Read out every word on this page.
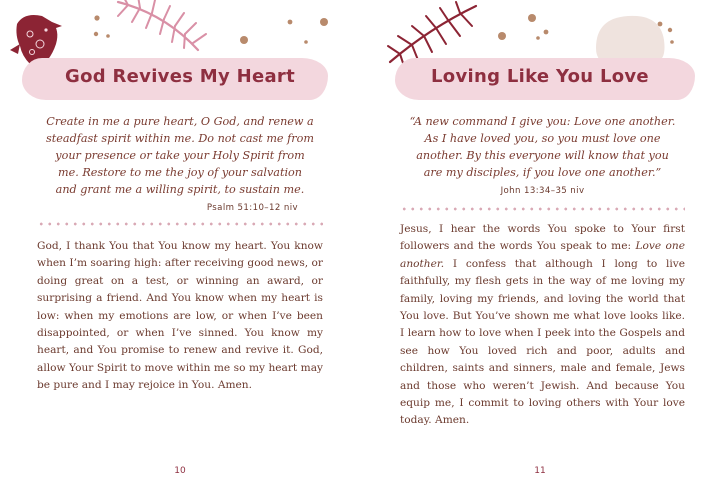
God Revives My Heart

Create in me a pure heart, O God, and renew a
steadfast spirit within me. Do not cast me from
your presence or take your Holy Spirit from
me. Restore to me the joy of your salvation
and grant me a willing spirit, to sustain me.
Psalm 51:10–12 niv

God, I thank You that You know my heart. You know when I’m soaring high: after receiving good news, or doing great on a test, or winning an award, or surprising a friend. And You know when my heart is low: when my emotions are low, or when I’ve been disappointed, or when I’ve sinned. You know my heart, and You promise to renew and revive it. God, allow Your Spirit to move within me so my heart may be pure and I may rejoice in You. Amen.

10
Loving Like You Love

“A new command I give you: Love one another.
As I have loved you, so you must love one
another. By this everyone will know that you
are my disciples, if you love one another.”
John 13:34–35 niv

Jesus, I hear the words You spoke to Your first followers and the words You speak to me: Love one another. I confess that although I long to live faithfully, my flesh gets in the way of me loving my family, loving my friends, and loving the world that You love. But You’ve shown me what love looks like. I learn how to love when I peek into the Gospels and see how You loved rich and poor, adults and children, saints and sinners, male and female, Jews and those who weren’t Jewish. And because You equip me, I commit to loving others with Your love today. Amen.

11
